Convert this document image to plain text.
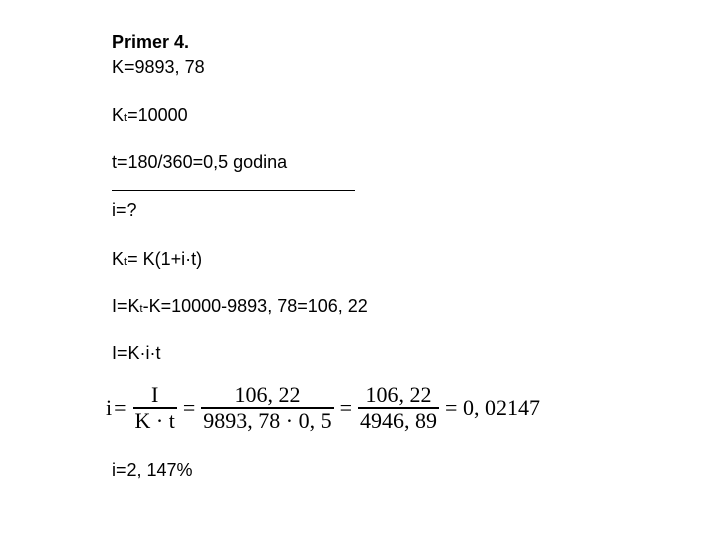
Primer 4.
K=9893, 78
Kt=10000
t=180/360=0,5 godina
i=?
Kt= K(1+i·t)
I=Kt-K=10000-9893, 78=106, 22
I=K·i·t
$i = \frac{I}{K \cdot t} = \frac{106, 22}{9893, 78 \cdot 0, 5} = \frac{106, 22}{4946, 89} = 0$, 02147
i=2, 147%
